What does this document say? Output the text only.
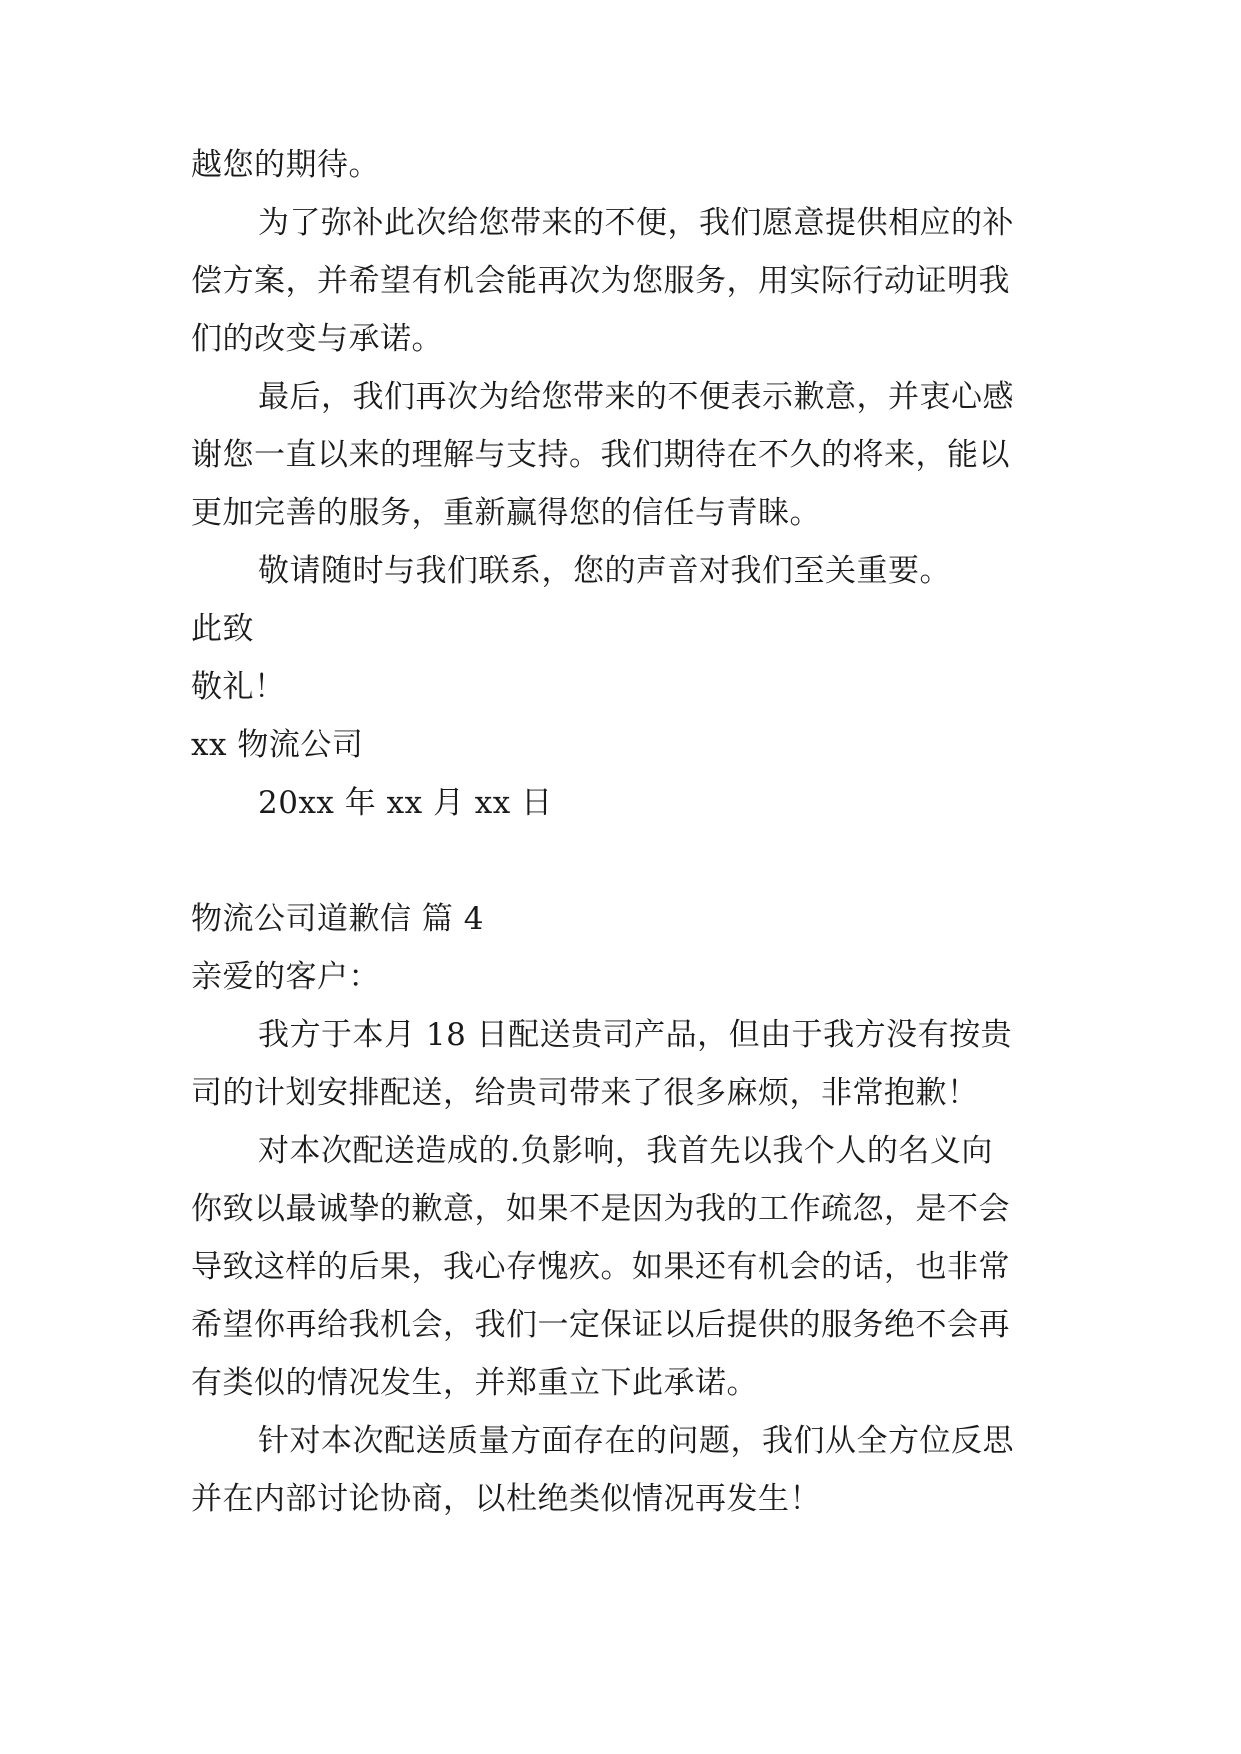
越您的期待。
为了弥补此次给您带来的不便，我们愿意提供相应的补
偿方案，并希望有机会能再次为您服务，用实际行动证明我
们的改变与承诺。
最后，我们再次为给您带来的不便表示歉意，并衷心感
谢您一直以来的理解与支持。我们期待在不久的将来，能以
更加完善的服务，重新赢得您的信任与青睐。
敬请随时与我们联系，您的声音对我们至关重要。
此致
敬礼！
xx 物流公司
20xx 年 xx 月 xx 日
物流公司道歉信 篇 4
亲爱的客户：
我方于本月 18 日配送贵司产品，但由于我方没有按贵
司的计划安排配送，给贵司带来了很多麻烦，非常抱歉！
对本次配送造成的.负影响，我首先以我个人的名义向
你致以最诚挚的歉意，如果不是因为我的工作疏忽，是不会
导致这样的后果，我心存愧疚。如果还有机会的话，也非常
希望你再给我机会，我们一定保证以后提供的服务绝不会再
有类似的情况发生，并郑重立下此承诺。
针对本次配送质量方面存在的问题，我们从全方位反思
并在内部讨论协商，以杜绝类似情况再发生！
